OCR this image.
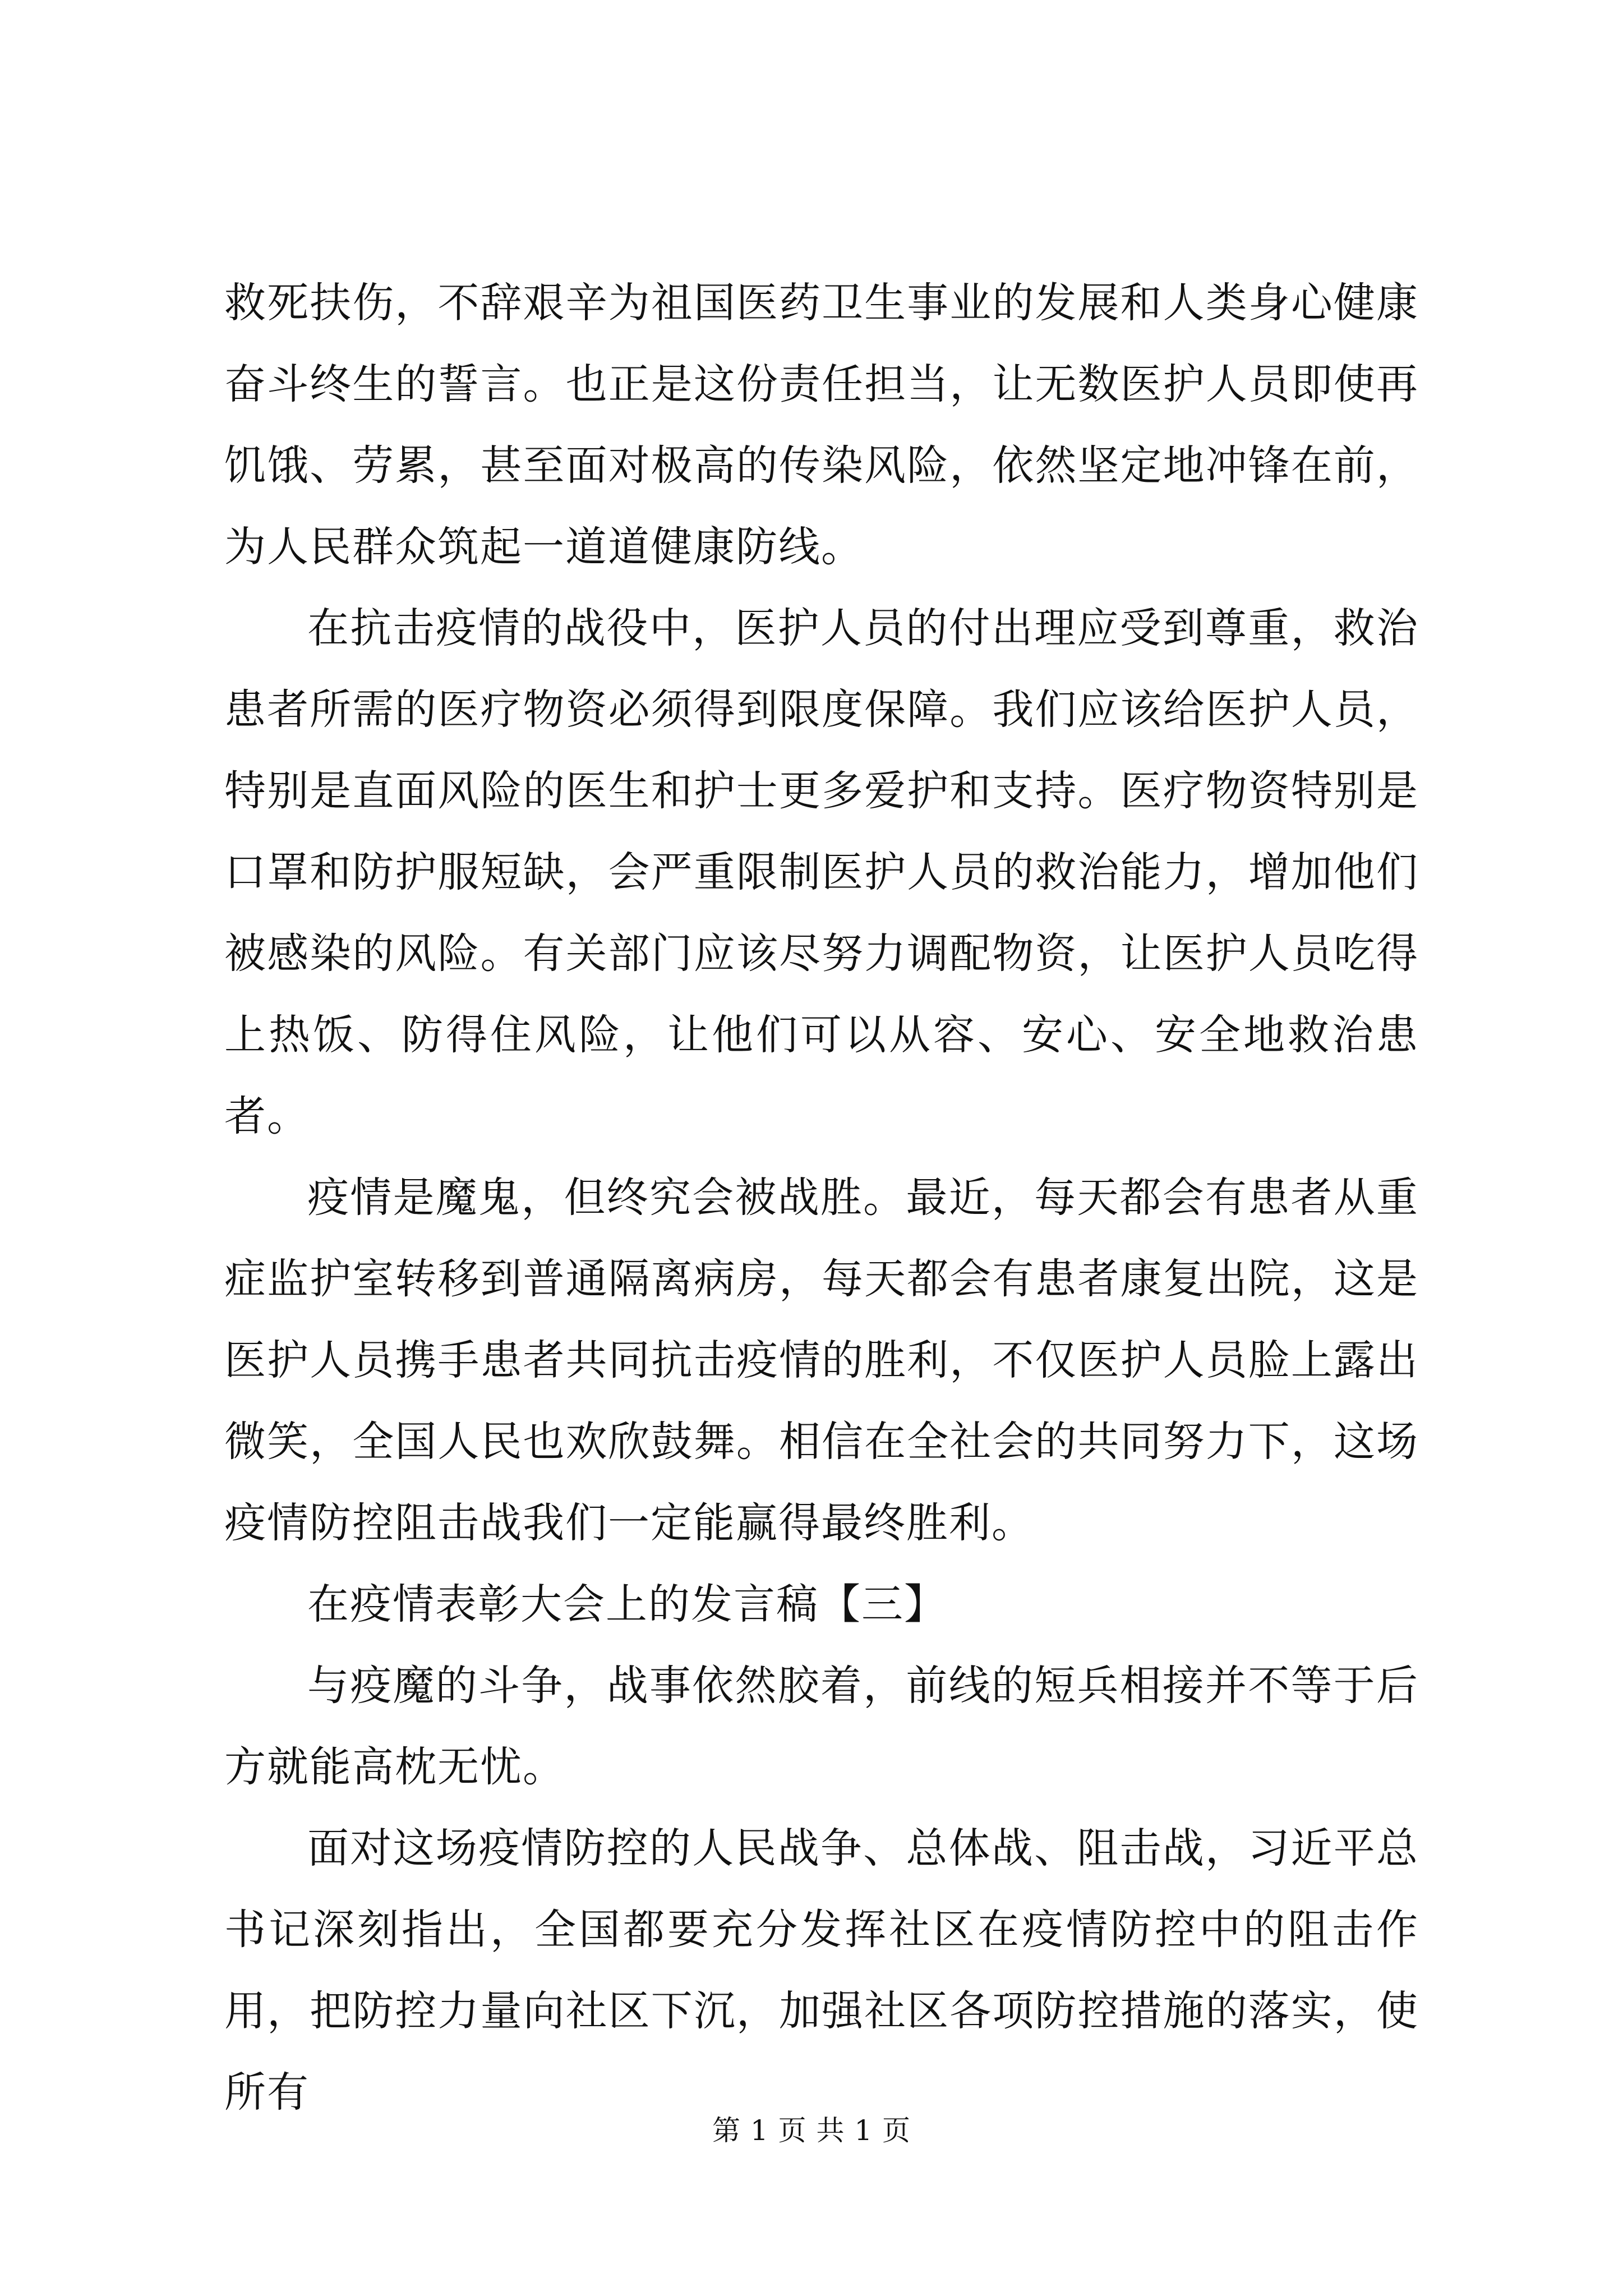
救死扶伤，不辞艰辛为祖国医药卫生事业的发展和人类身心健康奋斗终生的誓言。也正是这份责任担当，让无数医护人员即使再饥饿、劳累，甚至面对极高的传染风险，依然坚定地冲锋在前，为人民群众筑起一道道健康防线。

在抗击疫情的战役中，医护人员的付出理应受到尊重，救治患者所需的医疗物资必须得到限度保障。我们应该给医护人员，特别是直面风险的医生和护士更多爱护和支持。医疗物资特别是口罩和防护服短缺，会严重限制医护人员的救治能力，增加他们被感染的风险。有关部门应该尽努力调配物资，让医护人员吃得上热饭、防得住风险，让他们可以从容、安心、安全地救治患者。

疫情是魔鬼，但终究会被战胜。最近，每天都会有患者从重症监护室转移到普通隔离病房，每天都会有患者康复出院，这是医护人员携手患者共同抗击疫情的胜利，不仅医护人员脸上露出微笑，全国人民也欢欣鼓舞。相信在全社会的共同努力下，这场疫情防控阻击战我们一定能赢得最终胜利。

在疫情表彰大会上的发言稿【三】

与疫魔的斗争，战事依然胶着，前线的短兵相接并不等于后方就能高枕无忧。

面对这场疫情防控的人民战争、总体战、阻击战，习近平总书记深刻指出，全国都要充分发挥社区在疫情防控中的阻击作用，把防控力量向社区下沉，加强社区各项防控措施的落实，使所有

第 1 页 共 1 页
